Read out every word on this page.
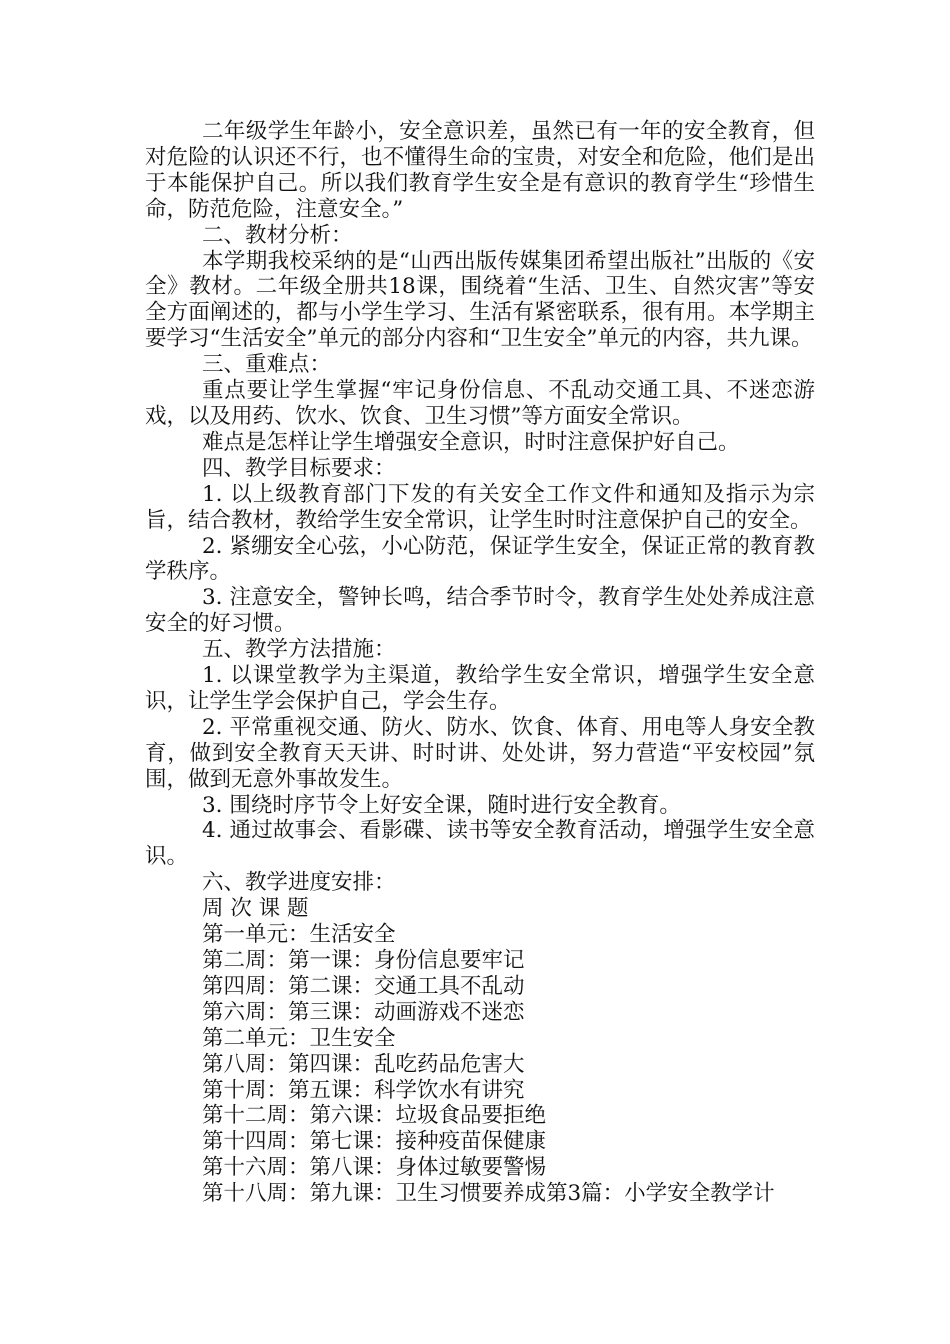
二年级学生年龄小，安全意识差，虽然已有一年的安全教育，但对危险的认识还不行，也不懂得生命的宝贵，对安全和危险，他们是出于本能保护自己。所以我们教育学生安全是有意识的教育学生“珍惜生命，防范危险，注意安全。”

二、教材分析：

本学期我校采纳的是“山西出版传媒集团希望出版社”出版的《安全》教材。二年级全册共18课，围绕着“生活、卫生、自然灾害”等安全方面阐述的，都与小学生学习、生活有紧密联系，很有用。本学期主要学习“生活安全”单元的部分内容和“卫生安全”单元的内容，共九课。

三、重难点：

重点要让学生掌握“牢记身份信息、不乱动交通工具、不迷恋游戏，以及用药、饮水、饮食、卫生习惯”等方面安全常识。

难点是怎样让学生增强安全意识，时时注意保护好自己。

四、教学目标要求：

1. 以上级教育部门下发的有关安全工作文件和通知及指示为宗旨，结合教材，教给学生安全常识，让学生时时注意保护自己的安全。

2. 紧绷安全心弦，小心防范，保证学生安全，保证正常的教育教学秩序。

3. 注意安全，警钟长鸣，结合季节时令，教育学生处处养成注意安全的好习惯。

五、教学方法措施：

1. 以课堂教学为主渠道，教给学生安全常识，增强学生安全意识，让学生学会保护自己，学会生存。

2. 平常重视交通、防火、防水、饮食、体育、用电等人身安全教育，做到安全教育天天讲、时时讲、处处讲，努力营造“平安校园”氛围，做到无意外事故发生。

3. 围绕时序节令上好安全课，随时进行安全教育。

4. 通过故事会、看影碟、读书等安全教育活动，增强学生安全意识。

六、教学进度安排：

周 次 课 题

第一单元：生活安全

第二周：第一课：身份信息要牢记

第四周：第二课：交通工具不乱动

第六周：第三课：动画游戏不迷恋

第二单元：卫生安全

第八周：第四课：乱吃药品危害大

第十周：第五课：科学饮水有讲究

第十二周：第六课：垃圾食品要拒绝

第十四周：第七课：接种疫苗保健康

第十六周：第八课：身体过敏要警惕

第十八周：第九课：卫生习惯要养成第3篇：小学安全教学计
